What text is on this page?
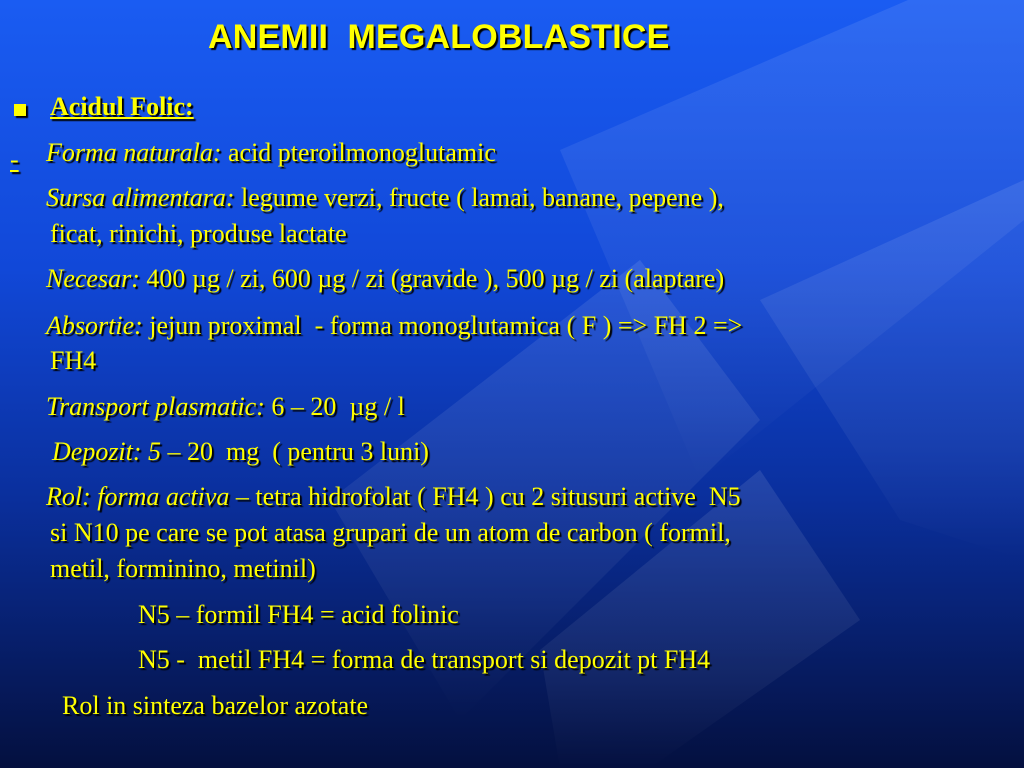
ANEMII  MEGALOBLASTICE
Acidul Folic:
- Forma naturala: acid pteroilmonoglutamic
Sursa alimentara: legume verzi, fructe ( lamai, banane, pepene ),
ficat, rinichi, produse lactate
Necesar: 400 µg / zi, 600 µg / zi (gravide ), 500 µg / zi (alaptare)
Absortie: jejun proximal  - forma monoglutamica ( F ) => FH 2 =>
FH4
Transport plasmatic: 6 – 20  µg / l
Depozit: 5 – 20  mg  ( pentru 3 luni)
Rol: forma activa – tetra hidrofolat ( FH4 ) cu 2 situsuri active  N5
si N10 pe care se pot atasa grupari de un atom de carbon ( formil,
metil, forminino, metinil)
N5 – formil FH4 = acid folinic
N5 -  metil FH4 = forma de transport si depozit pt FH4
Rol in sinteza bazelor azotate
